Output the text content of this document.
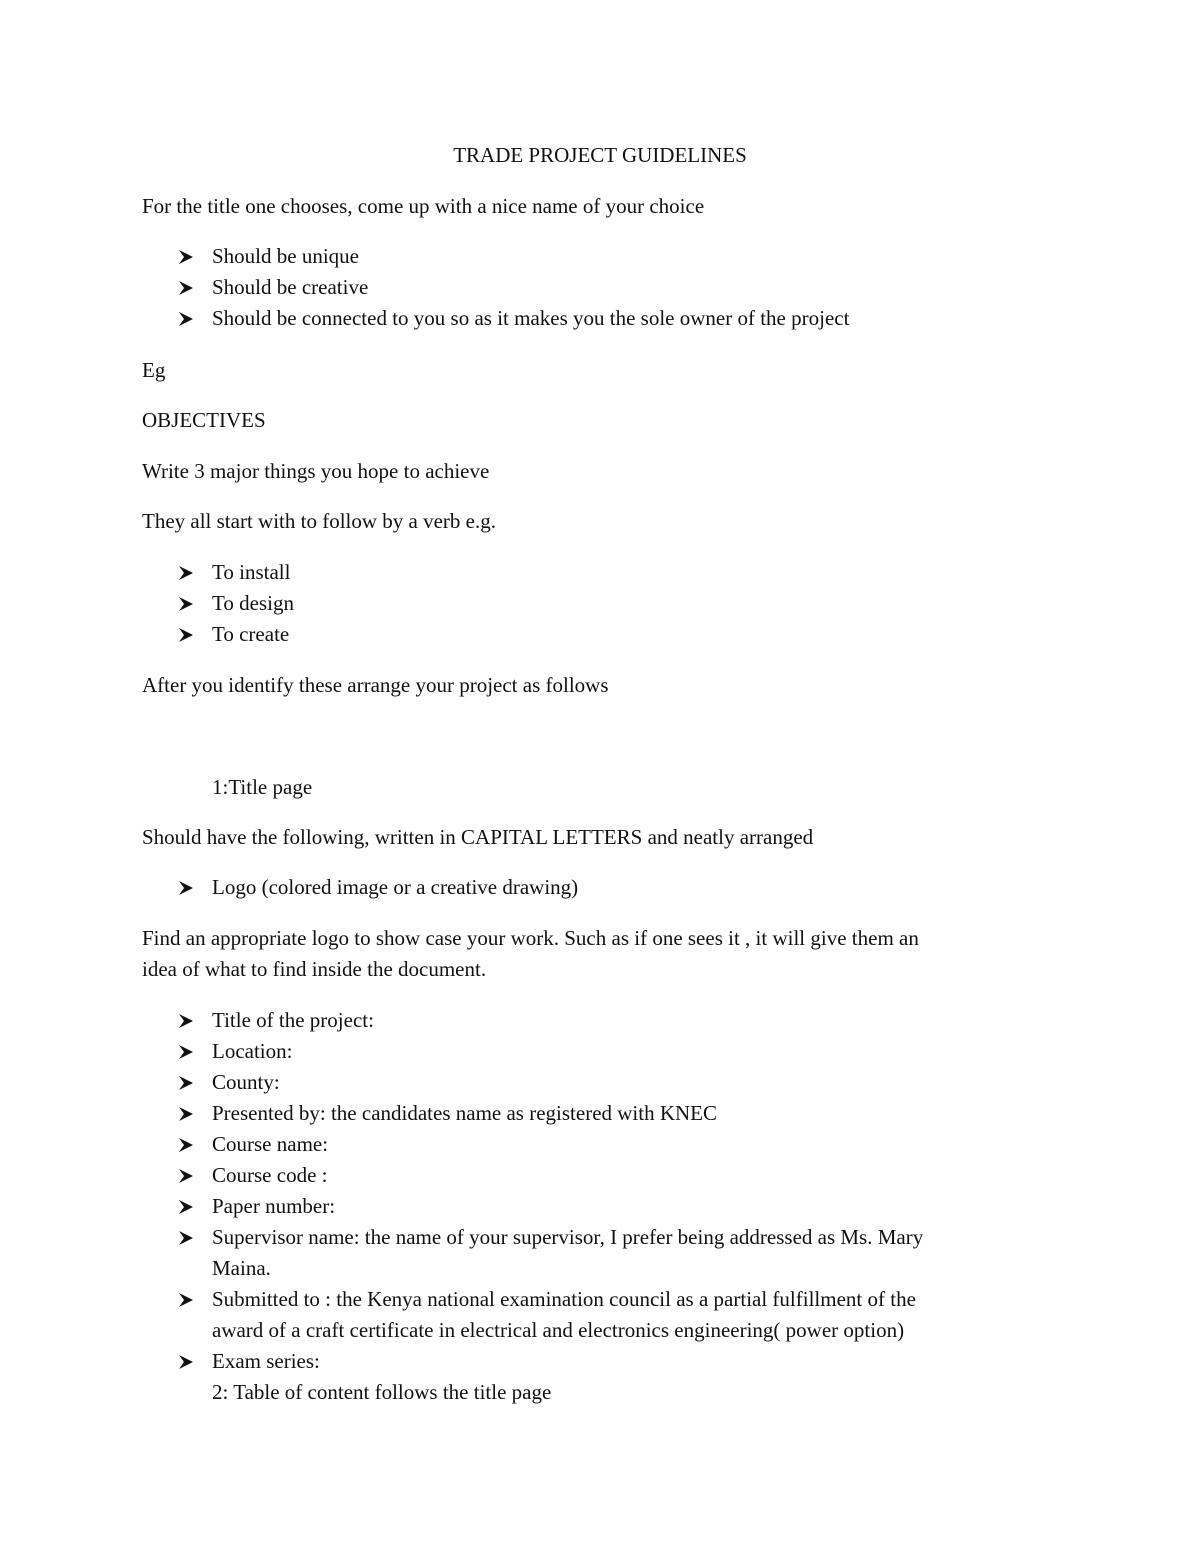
TRADE PROJECT GUIDELINES
For the title one chooses, come up with a nice name of your choice
Should be unique
Should be creative
Should be connected to you so as it makes you the sole owner of the project
Eg
OBJECTIVES
Write 3 major things you hope to achieve
They all start with to follow by a verb e.g.
To install
To design
To create
After you identify these arrange your project as follows
1:Title page
Should have the following, written in CAPITAL LETTERS and neatly arranged
Logo (colored image or a creative drawing)
Find an appropriate logo to show case your work. Such as if one sees it , it will give them an
idea of what to find inside the document.
Title of the project:
Location:
County:
Presented by: the candidates name as registered with KNEC
Course name:
Course code :
Paper number:
Supervisor name: the name of your supervisor, I prefer being addressed as Ms. Mary
Maina.
Submitted to : the Kenya national examination council as a partial fulfillment of the
award of a craft certificate in electrical and electronics engineering( power option)
Exam series:
2: Table of content follows the title page
